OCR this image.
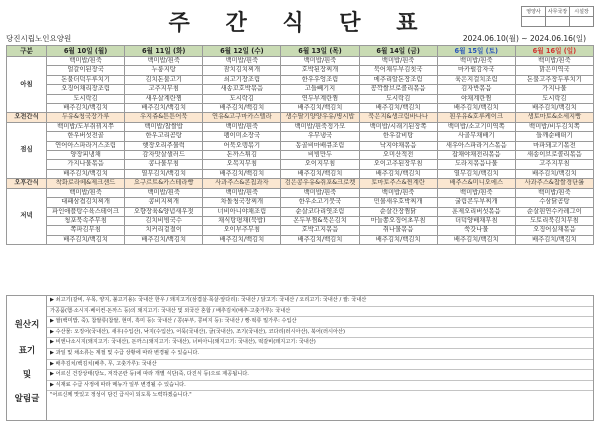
주 간 식 단 표	영양사	사무국장	시설장

당진시립노인요양원	2024.06.10(월) ~ 2024.06.16(일)
구분	6월 10일 (월)	6월 11일 (화)	6월 12일 (수)	6월 13일 (목)	6월 14일 (금)	6월 15일 (토)	6월 16일 (일)
아침	백미밥/흰죽	백미밥/흰죽	백미밥/흰죽	백미밥/흰죽	백미밥/흰죽	백미밥/흰죽	백미밥/흰죽
	얼갈이된장국	누룽지탕	잠치김치찌개	호박된장찌개	북어채두부김칫국	마카펄감자국	맑은미역국
	돈불더덕두루치기	김치돈불고기	쇠고기장조림	한우우엉조림	메추리알돈장조림	육은지걸치조림	돈불고추장두루치기
	오징어채리장조림	고추지무침	새송꼬호박볶음	고들빼기지	꽁깍쌀브로콜리볶음	김자반볶음	가지나물
	도시락김	새우살계란찜	도시락김	연두부계란찜	도시락김	야채계란찜	도시락김
	배추김치/백김치	배추김치/백김치	배추김치/백김치	배추김치/백김치	배추김치/백김치	배추김치/백김치	배추김치/백김치
오전간식	두유&청국장가루	우지쥬&튼튼어묵	연유&고구마카스텔라	생수딸기양양우유/병시밥	묵은지&생크림바나나	흰우유&호루케이크	생토마토&소세지빵
점심	백미밥/도부쥐꿔지쭈	백미밥/찹쌀밥	백미밥/흰죽	백미밥/흰죽정가모	백미밥/시래기된장쪽	백미밥/소고기미역쪽	백미밥/비두김치쪽
	한우버섯전골	한우고리곰탕	펭이미소장국	우무냉국	한우갈비탕	사골무채배기	들깨순배떠기
	연어아스파라거스조림	햇장오리주물럭	어묵오뎅볶기	동골비마배큐조림	낙지야채볶음	새우아스파라거스볶음	마파돼고기볶전
	양장피냉채	감자맛살샐러드	돈까스튀김	비빔만두	오미산적전	잡채야채전리볶음	새송이브로콜리볶음
	가지나물볶음	콩나물무침	오복지무침	오이지무침	오이고추된장무침	도라지볶음나물	고추지무침
	배추김치/백김치	열무김치/백김치	배추김치/백김치	배추김치/백김치	배추김치/백김치	열무김치/백김치	배추김치/백김치
오후간식	착화로라떼&제크샌드	요구르트&카스테라빵	사과주스&콘칩과자	검은콩우유&쥐포&크로켓	토마토주스&찐계란	배주스&미니오에스	사과주스&찹쌀경단롤
저녁	백미밥/흰죽	백미밥/흰죽	백미밥/흰죽	백미밥/흰죽	백미밥/흰죽	백미밥/흰죽	백미밥/흰죽
	대패삼겹김치찌개	콩비지찌개	차돌청국장찌개	한우소고기뭇국	민물새우호박찌개	굴림콘두부찌개	수삼닭곰탕
	파인애플탕수육스테이크	오향장육&양념새우젓	너비아니야채조림	순살코다리엿조림	순살간장찜닭	훈제오리버섯볶음	순살흰연수카레그이
	청포묵속주무침	김치비빔국수	채식탕평채(묵밥)	온두부찜&묵은김치	마늘쫑오징어초무침	더덕양배채무침	도토리묵김치무침
	쪽파김무침	치커리겉절이	오이부추무침	호박고지볶음	취나물볶음	쑥갓나물	오징어실채볶음
	배추김치/백김치	배추김치/백김치	배추김치/백김치	배추김치/백김치	배추김치/백김치	배추김치/백김치	배추김치/백김치
원산지
표기
및
알림글
▶ 쇠고기(갈비, 우목, 양지, 불고기용): 국내산 한우 / 돼지고기(삼겹살·목살·앞다리): 국내산 / 닭고기: 국내산 / 오리고기: 국내산 / 쌀: 국내산
가공품(햄·소시지·베이컨·돈까스 등)의 돼지고기: 국내산 및 외국산 혼합 / 배추김치(배추·고춧가루): 국내산
▶ 쌀(백미밥, 죽), 찹쌀류(찹쌀, 현미, 흑미 등): 국내산 / 콩(두부, 콩비지 등): 국내산 / 빵·떡류 밀가루: 수입산
▶ 수산물: 오징어(국내산), 새우(수입산), 낙지(수입산), 어묵(국내산), 굴(국내산), 조기(국내산), 코다리(러시아산), 북어(러시아산)
▶ 비엔나소시지(돼지고기: 국내산), 돈까스(돼지고기: 국내산), 너비아니(돼지고기: 국내산), 떡갈비(돼지고기: 국내산)
▶ 과일 및 채소류는 계절 및 수급 상황에 따라 변경될 수 있습니다.
▶ 배추김치/백김치(배추, 무, 고춧가루): 국내산
▶ 어르신 건강상태(당뇨, 저작곤란 등)에 따라 개별 식단(죽, 다진식 등)으로 제공됩니다.
▶ 식재료 수급 사정에 따라 메뉴가 일부 변경될 수 있습니다.
"어르신께 맛있고 정성이 담긴 급식이 되도록 노력하겠습니다."
